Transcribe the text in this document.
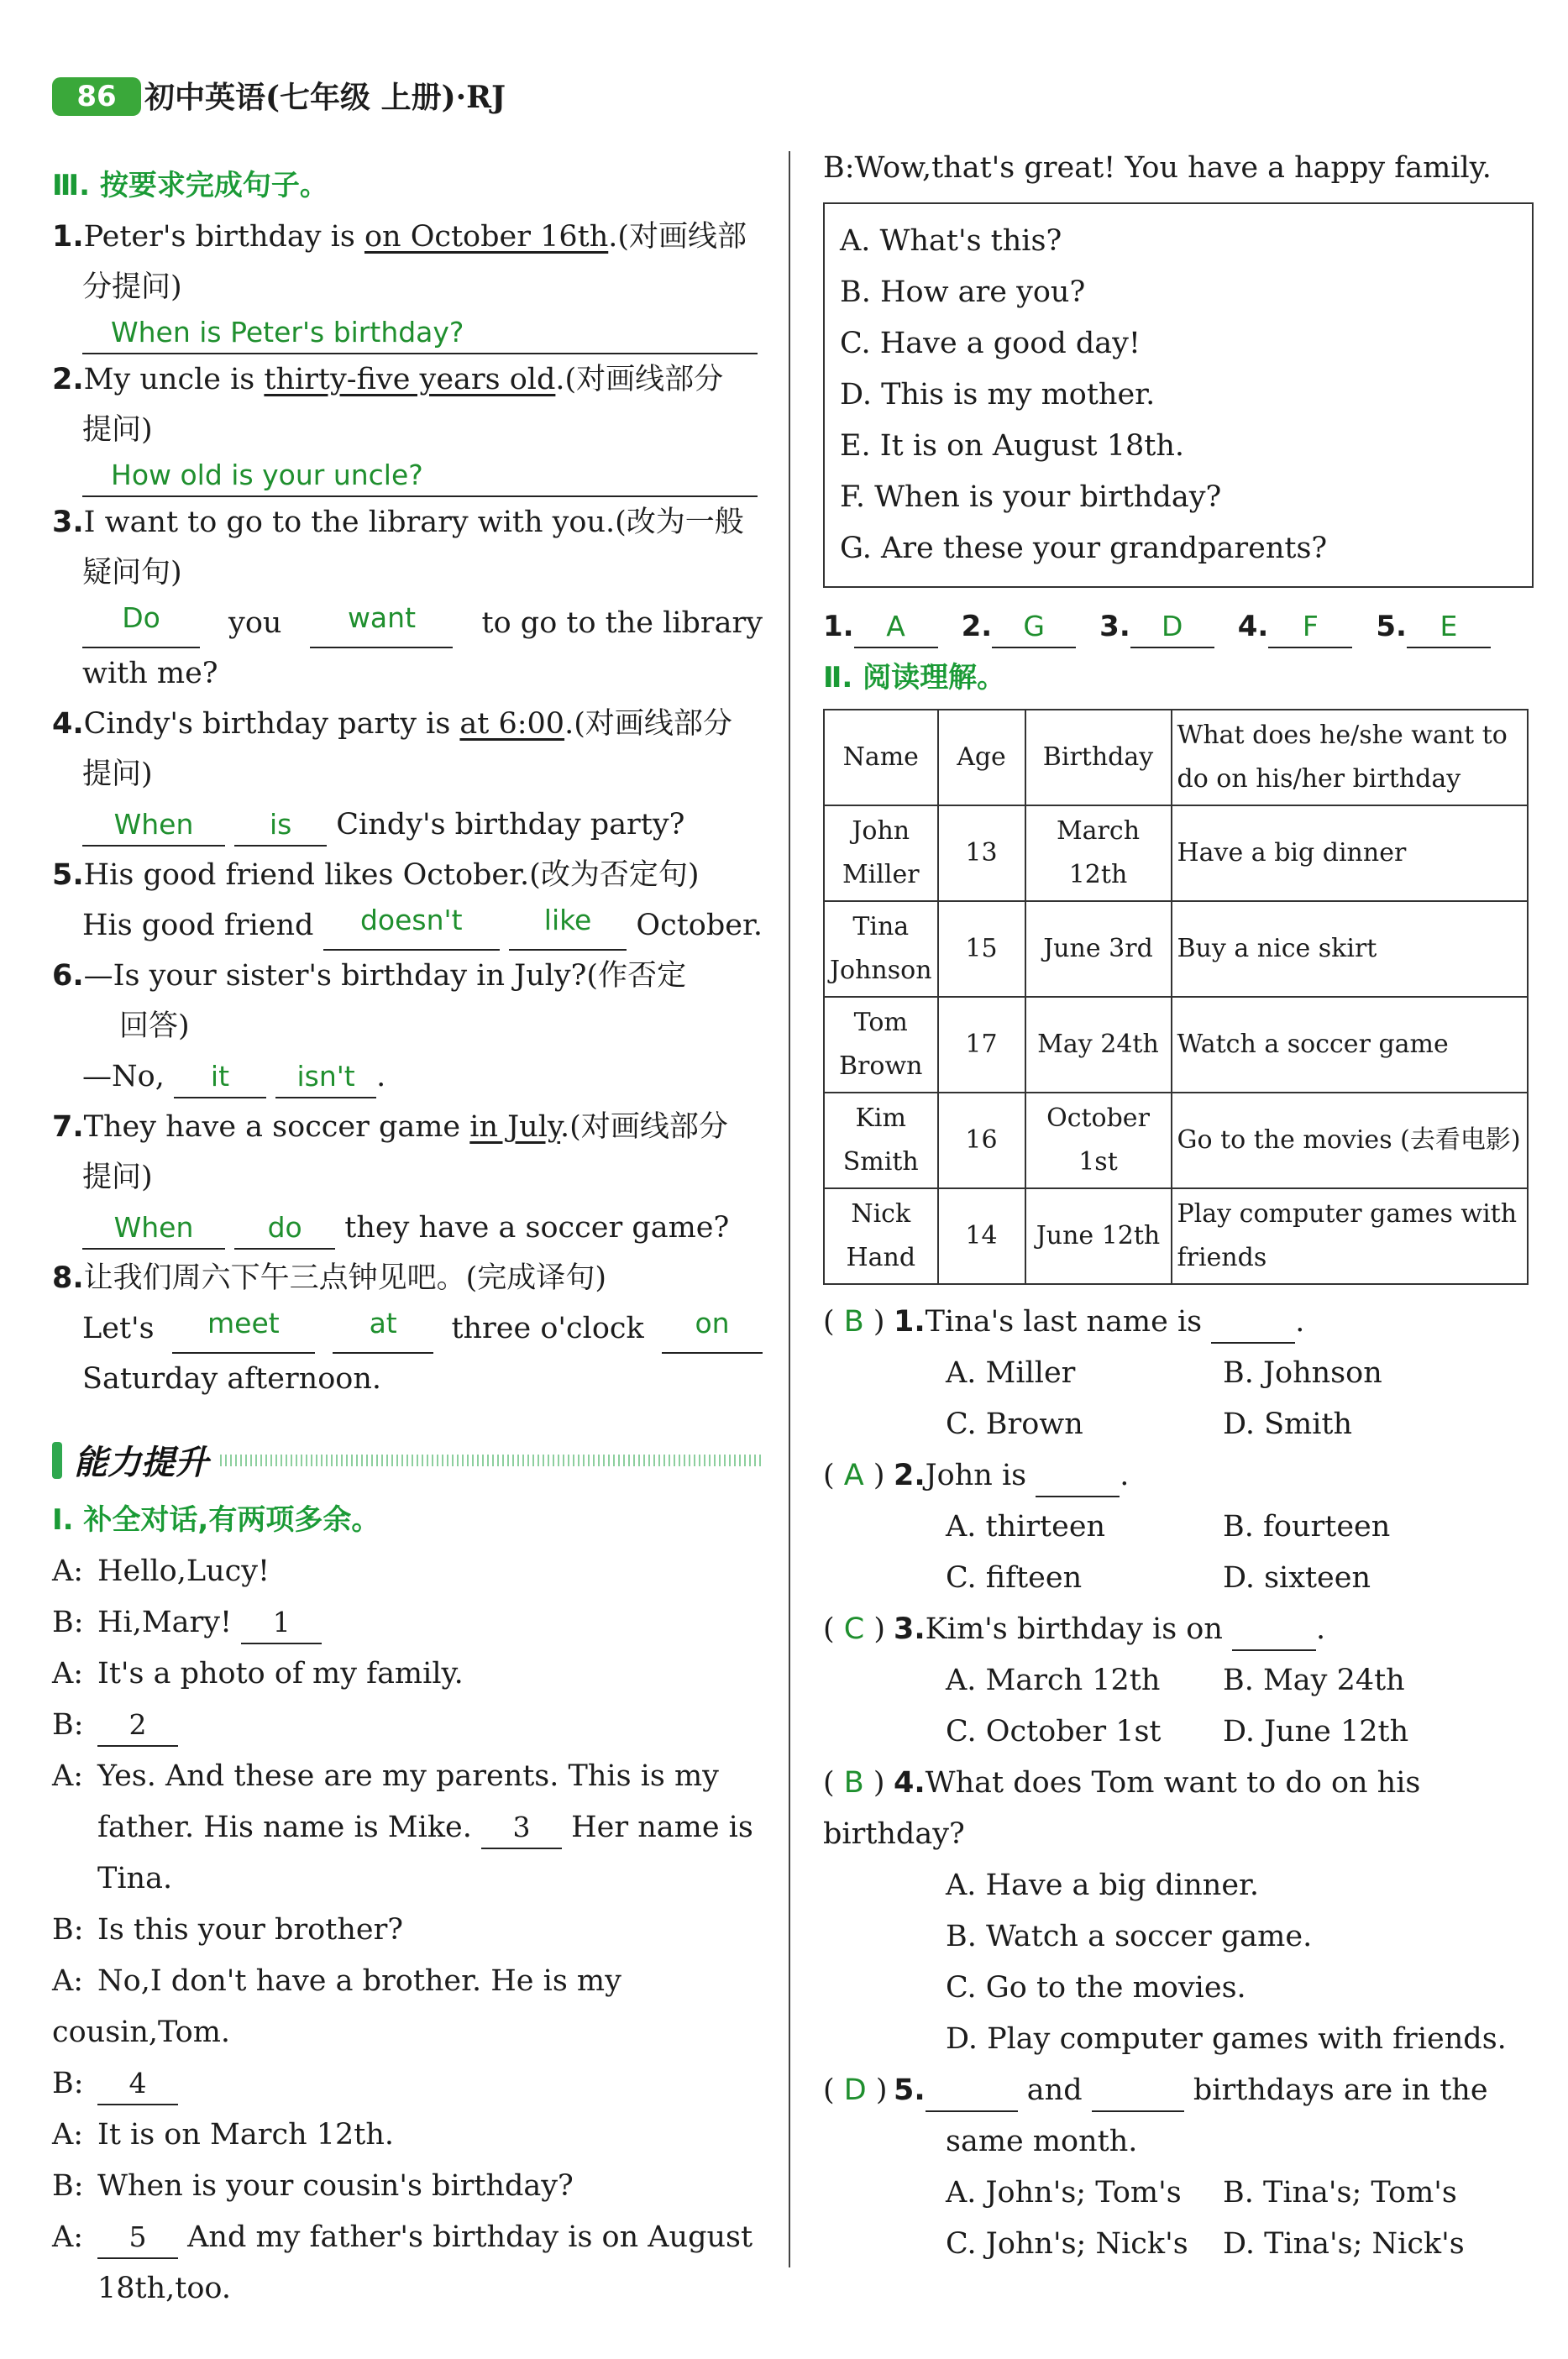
86 初中英语(七年级 上册)·RJ

Ⅲ. 按要求完成句子。

1.Peter's birthday is on October 16th.(对画线部

分提问)

When is Peter's birthday?

2.My uncle is thirty-five years old.(对画线部分

提问)

How old is your uncle?

3.I want to go to the library with you.(改为一般

疑问句)

Do	you	want	to go to the library

with me?

4.Cindy's birthday party is at 6:00.(对画线部分

提问)

When	is Cindy's birthday party?

5.His good friend likes October.(改为否定句)

His good friend	doesn't	like	October.

6.—Is your sister's birthday in July?(作否定

回答)

—No, it isn't .

7.They have a soccer game in July.(对画线部分

提问)

When	do they have a soccer game?

8.让我们周六下午三点钟见吧。(完成译句)

Let's	meet	at	three o'clock	on

Saturday afternoon.

能力提升

Ⅰ. 补全对话,有两项多余。

A: Hello,Lucy!

B: Hi,Mary! 1

A: It's a photo of my family.

B: 2

A: Yes. And these are my parents. This is my

father. His name is Mike. 3 Her name is

Tina.

B: Is this your brother?

A: No,I don't have a brother. He is my cousin,Tom.

B: 4

A: It is on March 12th.

B: When is your cousin's birthday?

A: 5 And my father's birthday is on August

18th,too.

B:Wow,that's great! You have a happy family.

A. What's this?

B. How are you?

C. Have a good day!

D. This is my mother.

E. It is on August 18th.

F. When is your birthday?

G. Are these your grandparents?

1. A	2. G	3. D	4. F	5. E

Ⅱ. 阅读理解。

Name	Age	Birthday	What does he/she want to do on his/her birthday
John Miller	13	March 12th	Have a big dinner
Tina Johnson	15	June 3rd	Buy a nice skirt
Tom Brown	17	May 24th	Watch a soccer game
Kim Smith	16	October 1st	Go to the movies (去看电影)
Nick Hand	14	June 12th	Play computer games with friends

( B ) 1.Tina's last name is	.

A. Miller	B. Johnson
C. Brown	D. Smith

( A ) 2.John is	.

A. thirteen	B. fourteen
C. fifteen	D. sixteen

( C ) 3.Kim's birthday is on	.

A. March 12th	B. May 24th
C. October 1st	D. June 12th

( B ) 4.What does Tom want to do on his birthday?

A. Have a big dinner.

B. Watch a soccer game.

C. Go to the movies.

D. Play computer games with friends.

( D ) 5.	and	birthdays are in the

same month.

A. John's; Tom's	B. Tina's; Tom's
C. John's; Nick's	D. Tina's; Nick's
